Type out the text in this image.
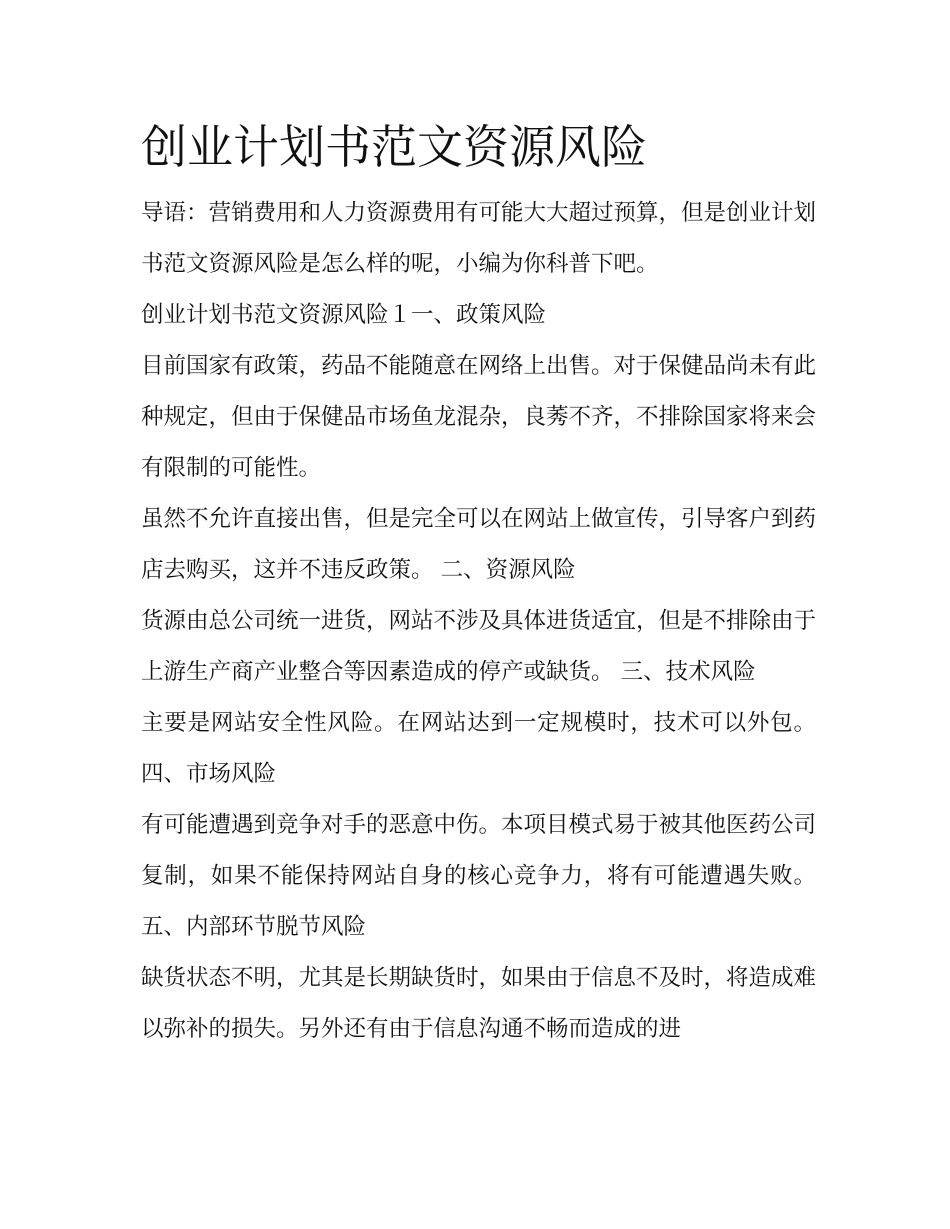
创业计划书范文资源风险

导语：营销费用和人力资源费用有可能大大超过预算，但是创业计划书范文资源风险是怎么样的呢，小编为你科普下吧。

创业计划书范文资源风险１一、政策风险

目前国家有政策，药品不能随意在网络上出售。对于保健品尚未有此种规定，但由于保健品市场鱼龙混杂，良莠不齐，不排除国家将来会有限制的可能性。

虽然不允许直接出售，但是完全可以在网站上做宣传，引导客户到药店去购买，这并不违反政策。 二、资源风险

货源由总公司统一进货，网站不涉及具体进货适宜，但是不排除由于上游生产商产业整合等因素造成的停产或缺货。 三、技术风险

主要是网站安全性风险。在网站达到一定规模时，技术可以外包。 四、市场风险

有可能遭遇到竞争对手的恶意中伤。本项目模式易于被其他医药公司复制，如果不能保持网站自身的核心竞争力，将有可能遭遇失败。 五、内部环节脱节风险

缺货状态不明，尤其是长期缺货时，如果由于信息不及时，将造成难以弥补的损失。另外还有由于信息沟通不畅而造成的进
